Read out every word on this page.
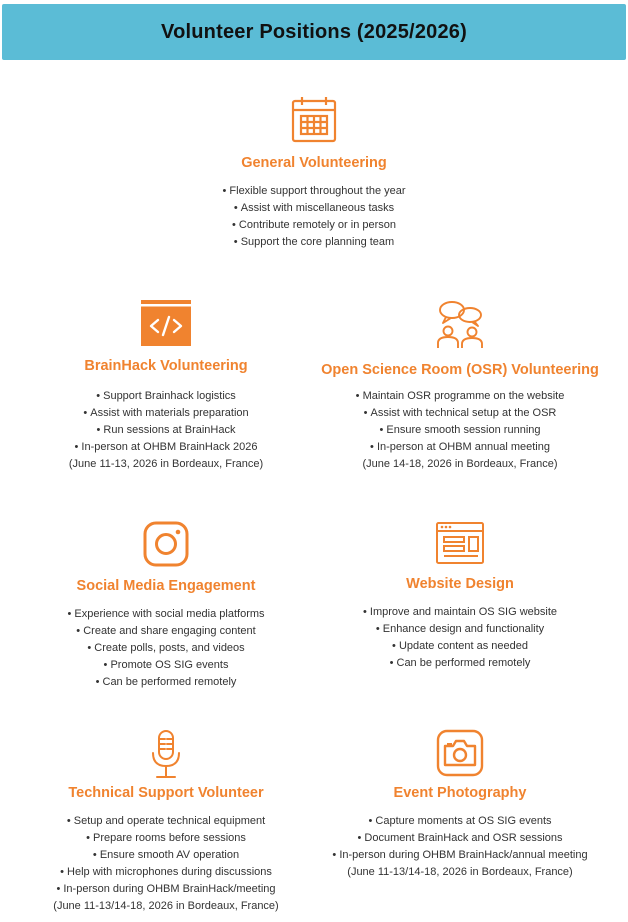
Volunteer Positions (2025/2026)
General Volunteering
• Flexible support throughout the year
• Assist with miscellaneous tasks
• Contribute remotely or in person
• Support the core planning team
BrainHack Volunteering
• Support Brainhack logistics
• Assist with materials preparation
• Run sessions at BrainHack
• In-person at OHBM BrainHack 2026
(June 11-13, 2026 in Bordeaux, France)
Open Science Room (OSR) Volunteering
• Maintain OSR programme on the website
• Assist with technical setup at the OSR
• Ensure smooth session running
• In-person at OHBM annual meeting
(June 14-18, 2026 in Bordeaux, France)
Social Media Engagement
• Experience with social media platforms
• Create and share engaging content
• Create polls, posts, and videos
• Promote OS SIG events
• Can be performed remotely
Website Design
• Improve and maintain OS SIG website
• Enhance design and functionality
• Update content as needed
• Can be performed remotely
Technical Support Volunteer
• Setup and operate technical equipment
• Prepare rooms before sessions
• Ensure smooth AV operation
• Help with microphones during discussions
• In-person during OHBM BrainHack/meeting
(June 11-13/14-18, 2026 in Bordeaux, France)
Event Photography
• Capture moments at OS SIG events
• Document BrainHack and OSR sessions
• In-person during OHBM BrainHack/annual meeting
(June 11-13/14-18, 2026 in Bordeaux, France)
